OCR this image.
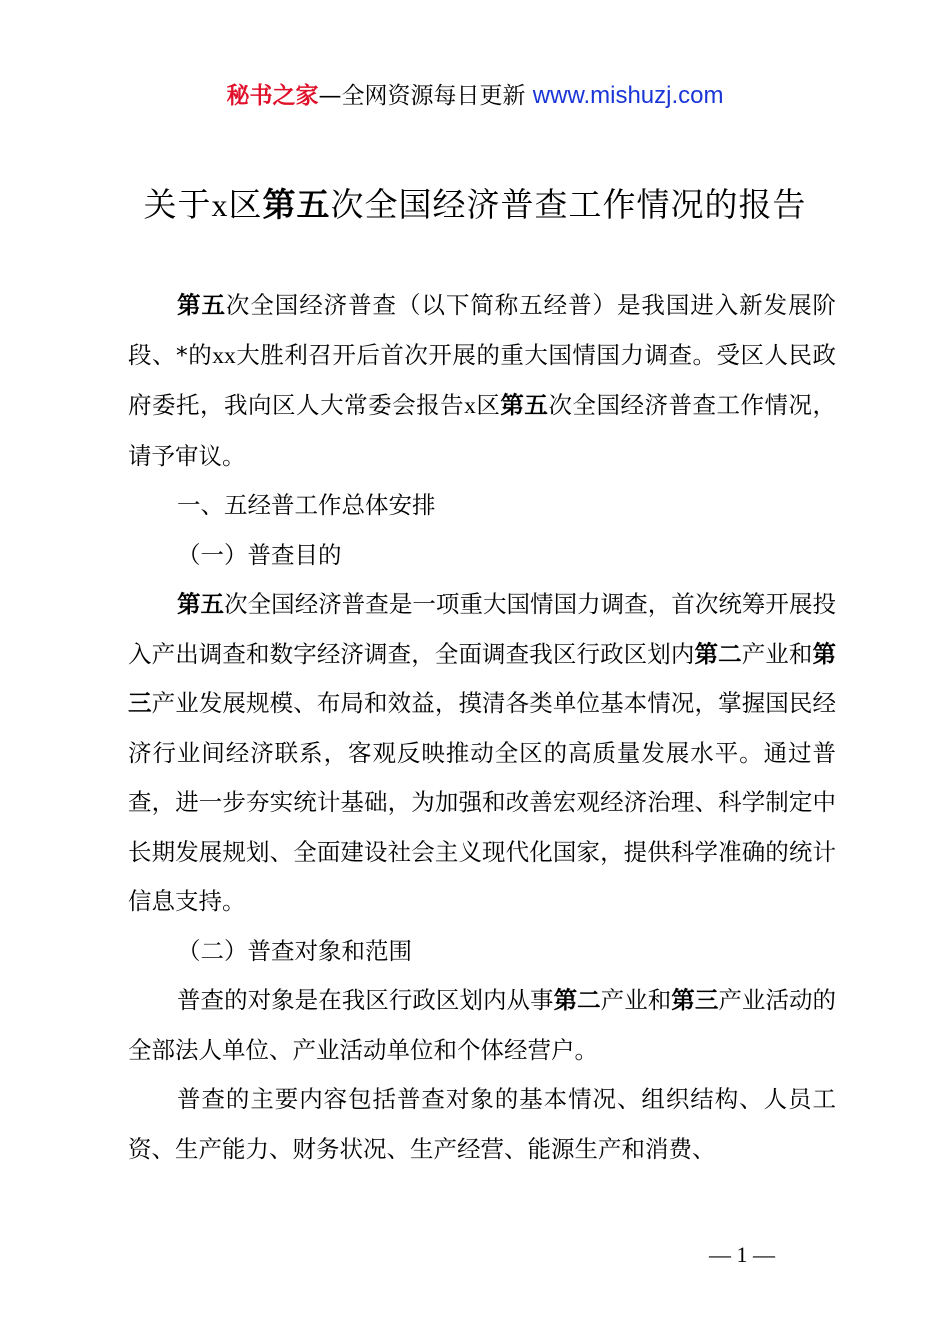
秘书之家—全网资源每日更新 www.mishuzj.com
关于x区第五次全国经济普查工作情况的报告

第五次全国经济普查（以下简称五经普）是我国进入新发展阶段、*的xx大胜利召开后首次开展的重大国情国力调查。受区人民政府委托，我向区人大常委会报告x区第五次全国经济普查工作情况，请予审议。

一、五经普工作总体安排

（一）普查目的

第五次全国经济普查是一项重大国情国力调查，首次统筹开展投入产出调查和数字经济调查，全面调查我区行政区划内第二产业和第三产业发展规模、布局和效益，摸清各类单位基本情况，掌握国民经济行业间经济联系，客观反映推动全区的高质量发展水平。通过普查，进一步夯实统计基础，为加强和改善宏观经济治理、科学制定中长期发展规划、全面建设社会主义现代化国家，提供科学准确的统计信息支持。

（二）普查对象和范围

普查的对象是在我区行政区划内从事第二产业和第三产业活动的全部法人单位、产业活动单位和个体经营户。

普查的主要内容包括普查对象的基本情况、组织结构、人员工资、生产能力、财务状况、生产经营、能源生产和消费、

— 1 —
